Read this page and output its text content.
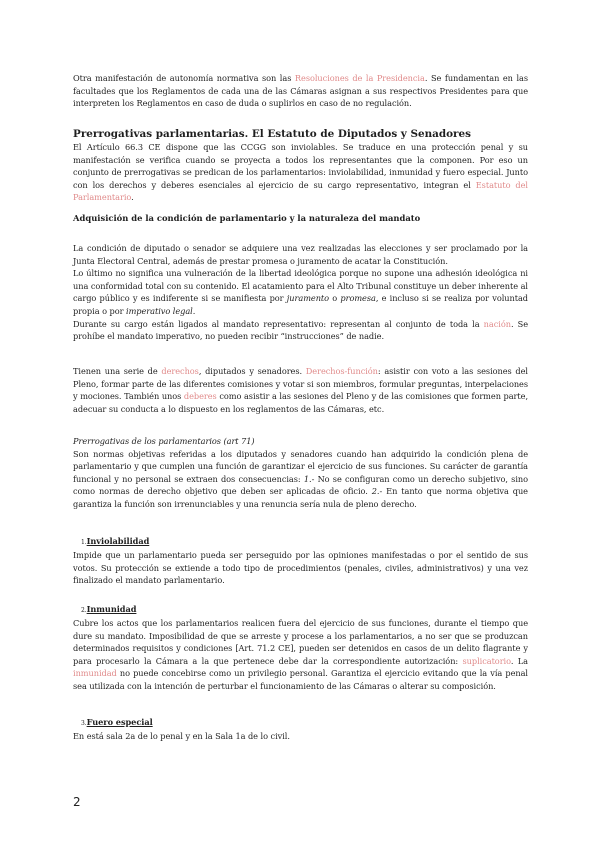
Otra manifestación de autonomía normativa son las Resoluciones de la Presidencia. Se fundamentan en las facultades que los Reglamentos de cada una de las Cámaras asignan a sus respectivos Presidentes para que interpreten los Reglamentos en caso de duda o suplirlos en caso de no regulación.

Prerrogativas parlamentarias. El Estatuto de Diputados y Senadores

El Artículo 66.3 CE dispone que las CCGG son inviolables. Se traduce en una protección penal y su manifestación se verifica cuando se proyecta a todos los representantes que la componen. Por eso un conjunto de prerrogativas se predican de los parlamentarios: inviolabilidad, inmunidad y fuero especial. Junto con los derechos y deberes esenciales al ejercicio de su cargo representativo, integran el Estatuto del Parlamentario.

Adquisición de la condición de parlamentario y la naturaleza del mandato

La condición de diputado o senador se adquiere una vez realizadas las elecciones y ser proclamado por la Junta Electoral Central, además de prestar promesa o juramento de acatar la Constitución.

Lo último no significa una vulneración de la libertad ideológica porque no supone una adhesión ideológica ni una conformidad total con su contenido. El acatamiento para el Alto Tribunal constituye un deber inherente al cargo público y es indiferente si se manifiesta por juramento o promesa, e incluso si se realiza por voluntad propia o por imperativo legal.

Durante su cargo están ligados al mandato representativo: representan al conjunto de toda la nación. Se prohíbe el mandato imperativo, no pueden recibir “instrucciones” de nadie.

Tienen una serie de derechos, diputados y senadores. Derechos-función: asistir con voto a las sesiones del Pleno, formar parte de las diferentes comisiones y votar si son miembros, formular preguntas, interpelaciones y mociones. También unos deberes como asistir a las sesiones del Pleno y de las comisiones que formen parte, adecuar su conducta a lo dispuesto en los reglamentos de las Cámaras, etc.

Prerrogativas de los parlamentarios (art 71)

Son normas objetivas referidas a los diputados y senadores cuando han adquirido la condición plena de parlamentario y que cumplen una función de garantizar el ejercicio de sus funciones. Su carácter de garantía funcional y no personal se extraen dos consecuencias: 1.- No se configuran como un derecho subjetivo, sino como normas de derecho objetivo que deben ser aplicadas de oficio. 2.- En tanto que norma objetiva que garantiza la función son irrenunciables y una renuncia sería nula de pleno derecho.

1.Inviolabilidad

Impide que un parlamentario pueda ser perseguido por las opiniones manifestadas o por el sentido de sus votos. Su protección se extiende a todo tipo de procedimientos (penales, civiles, administrativos) y una vez finalizado el mandato parlamentario.

2.Inmunidad

Cubre los actos que los parlamentarios realicen fuera del ejercicio de sus funciones, durante el tiempo que dure su mandato. Imposibilidad de que se arreste y procese a los parlamentarios, a no ser que se produzcan determinados requisitos y condiciones [Art. 71.2 CE], pueden ser detenidos en casos de un delito flagrante y para procesarlo la Cámara a la que pertenece debe dar la correspondiente autorización: suplicatorio. La inmunidad no puede concebirse como un privilegio personal. Garantiza el ejercicio evitando que la vía penal sea utilizada con la intención de perturbar el funcionamiento de las Cámaras o alterar su composición.

3.Fuero especial

En está sala 2a de lo penal y en la Sala 1a de lo civil.

2
